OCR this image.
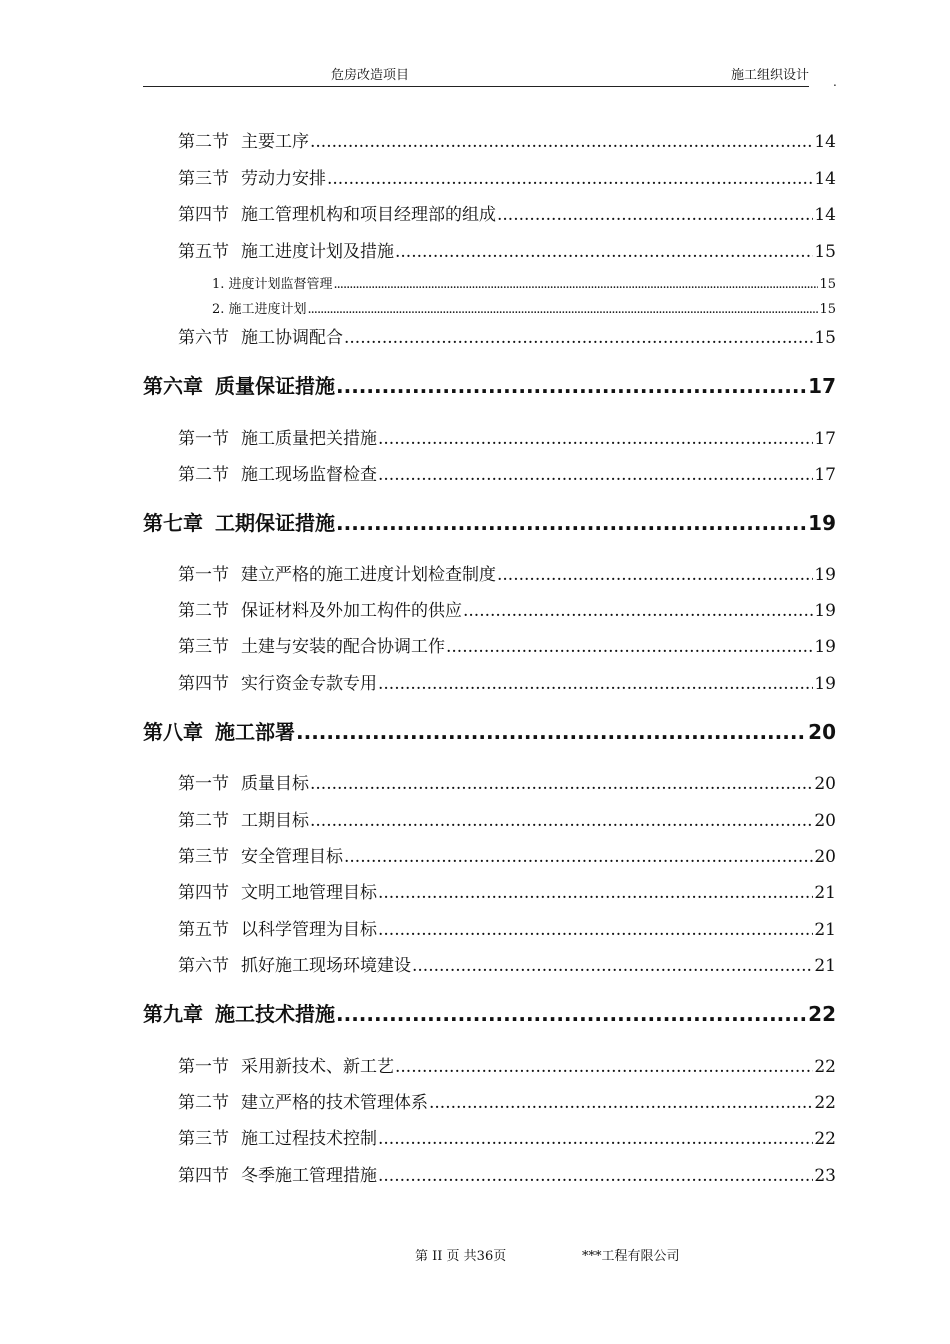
危房改造项目	施工组织设计 .
第二节 主要工序 .....	14
第三节 劳动力安排 .....	14
第四节 施工管理机构和项目经理部的组成 .....	14
第五节 施工进度计划及措施 .....	15
1. 进度计划监督管理 .....	15
2. 施工进度计划 .....	15
第六节 施工协调配合 .....	15
第六章 质量保证措施 .....	17
第一节 施工质量把关措施 .....	17
第二节 施工现场监督检查 .....	17
第七章 工期保证措施 .....	19
第一节 建立严格的施工进度计划检查制度 .....	19
第二节 保证材料及外加工构件的供应 .....	19
第三节 土建与安装的配合协调工作 .....	19
第四节 实行资金专款专用 .....	19
第八章 施工部署 .....	20
第一节 质量目标 .....	20
第二节 工期目标 .....	20
第三节 安全管理目标 .....	20
第四节 文明工地管理目标 .....	21
第五节 以科学管理为目标 .....	21
第六节 抓好施工现场环境建设 .....	21
第九章 施工技术措施 .....	22
第一节 采用新技术、新工艺 .....	22
第二节 建立严格的技术管理体系 .....	22
第三节 施工过程技术控制 .....	22
第四节 冬季施工管理措施 .....	23
第 II 页 共36页	***工程有限公司
